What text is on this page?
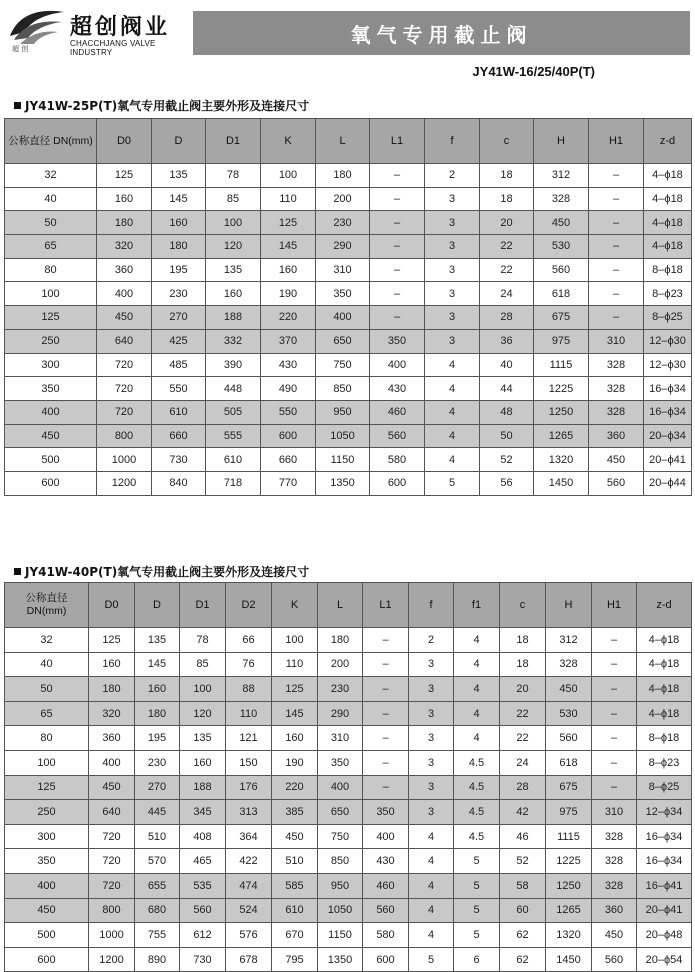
超 创
超创阀业
CHACCHJANG VALVE INDUSTRY
氧气专用截止阀
JY41W-16/25/40P(T)
JY41W-25P(T)氧气专用截止阀主要外形及连接尺寸
公称直径 DN(mm)	D0	D	D1	K	L	L1	f	c	H	H1	z-d
32	125	135	78	100	180	–	2	18	312	–	4–ϕ18
40	160	145	85	110	200	–	3	18	328	–	4–ϕ18
50	180	160	100	125	230	–	3	20	450	–	4–ϕ18
65	320	180	120	145	290	–	3	22	530	–	4–ϕ18
80	360	195	135	160	310	–	3	22	560	–	8–ϕ18
100	400	230	160	190	350	–	3	24	618	–	8–ϕ23
125	450	270	188	220	400	–	3	28	675	–	8–ϕ25
250	640	425	332	370	650	350	3	36	975	310	12–ϕ30
300	720	485	390	430	750	400	4	40	1115	328	12–ϕ30
350	720	550	448	490	850	430	4	44	1225	328	16–ϕ34
400	720	610	505	550	950	460	4	48	1250	328	16–ϕ34
450	800	660	555	600	1050	560	4	50	1265	360	20–ϕ34
500	1000	730	610	660	1150	580	4	52	1320	450	20–ϕ41
600	1200	840	718	770	1350	600	5	56	1450	560	20–ϕ44
JY41W-40P(T)氧气专用截止阀主要外形及连接尺寸
公称直径 DN(mm)	D0	D	D1	D2	K	L	L1	f	f1	c	H	H1	z-d
32	125	135	78	66	100	180	–	2	4	18	312	–	4–ϕ18
40	160	145	85	76	110	200	–	3	4	18	328	–	4–ϕ18
50	180	160	100	88	125	230	–	3	4	20	450	–	4–ϕ18
65	320	180	120	110	145	290	–	3	4	22	530	–	4–ϕ18
80	360	195	135	121	160	310	–	3	4	22	560	–	8–ϕ18
100	400	230	160	150	190	350	–	3	4.5	24	618	–	8–ϕ23
125	450	270	188	176	220	400	–	3	4.5	28	675	–	8–ϕ25
250	640	445	345	313	385	650	350	3	4.5	42	975	310	12–ϕ34
300	720	510	408	364	450	750	400	4	4.5	46	1115	328	16–ϕ34
350	720	570	465	422	510	850	430	4	5	52	1225	328	16–ϕ34
400	720	655	535	474	585	950	460	4	5	58	1250	328	16–ϕ41
450	800	680	560	524	610	1050	560	4	5	60	1265	360	20–ϕ41
500	1000	755	612	576	670	1150	580	4	5	62	1320	450	20–ϕ48
600	1200	890	730	678	795	1350	600	5	6	62	1450	560	20–ϕ54
